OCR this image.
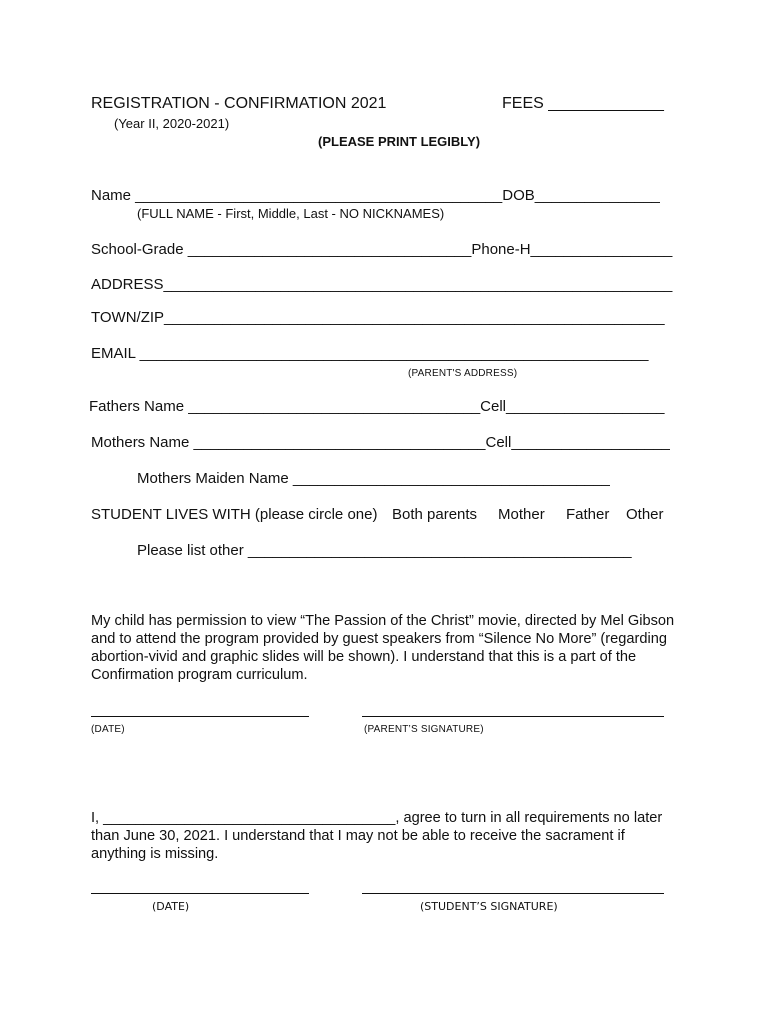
REGISTRATION - CONFIRMATION 2021	FEES _____________
(Year II, 2020-2021)
(PLEASE PRINT LEGIBLY)
Name ____________________________________________DOB_______________
(FULL NAME - First, Middle, Last - NO NICKNAMES)
School-Grade __________________________________Phone-H_________________
ADDRESS_____________________________________________________________
TOWN/ZIP____________________________________________________________
EMAIL _____________________________________________________________
(PARENT'S ADDRESS)
Fathers Name ___________________________________Cell___________________
Mothers Name ___________________________________Cell___________________
Mothers Maiden Name ______________________________________
STUDENT LIVES WITH (please circle one) Both parents Mother Father Other
Please list other ______________________________________________
My child has permission to view “The Passion of the Christ” movie, directed by Mel Gibson and to attend the program provided by guest speakers from “Silence No More” (regarding abortion-vivid and graphic slides will be shown). I understand that this is a part of the Confirmation program curriculum.
(DATE)	(PARENT’S SIGNATURE)
I, ____________________________________, agree to turn in all requirements no later than June 30, 2021. I understand that I may not be able to receive the sacrament if anything is missing.
(DATE)	(STUDENT’S SIGNATURE)
